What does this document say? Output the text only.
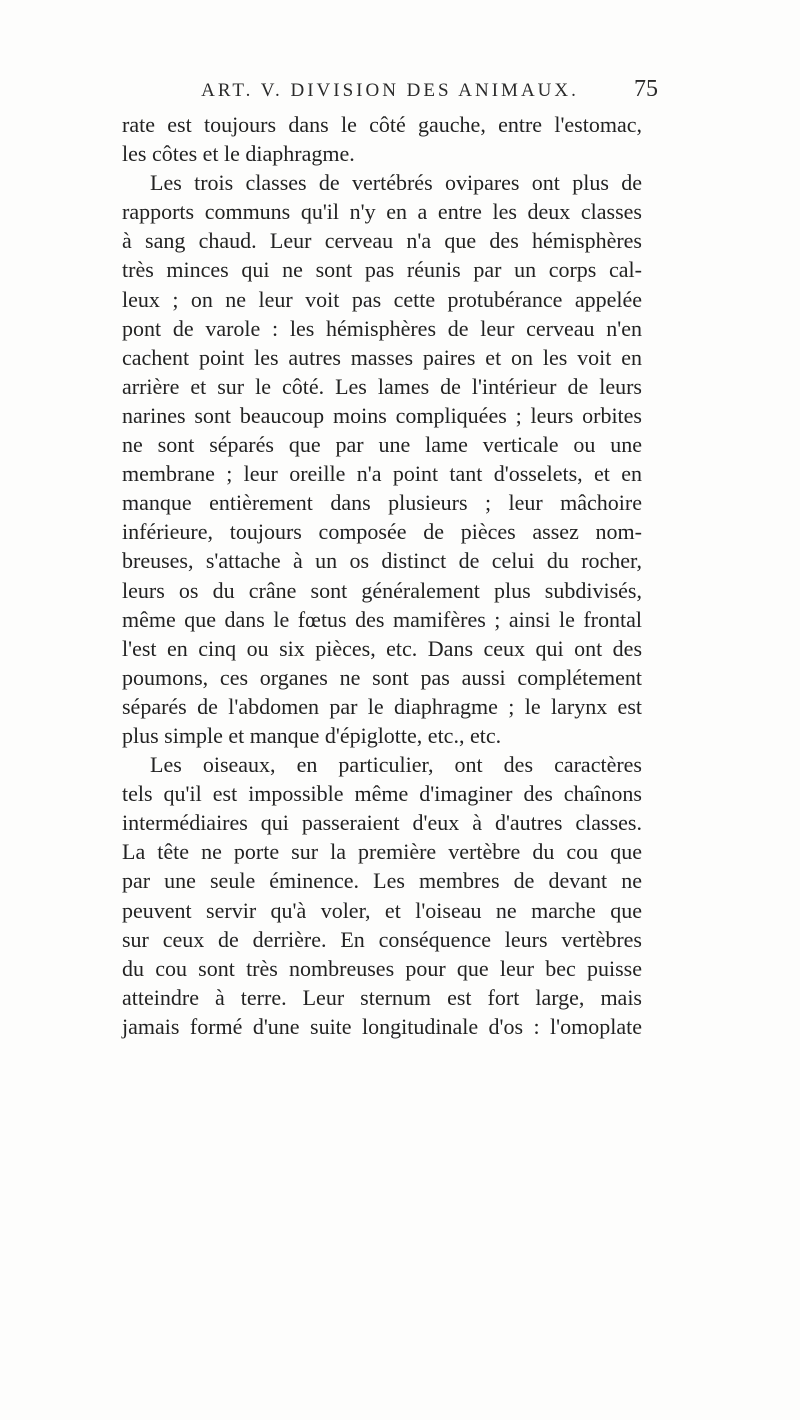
ART. V. DIVISION DES ANIMAUX.	75
rate est toujours dans le côté gauche, entre l'estomac,
les côtes et le diaphragme.
Les trois classes de vertébrés ovipares ont plus de
rapports communs qu'il n'y en a entre les deux classes
à sang chaud. Leur cerveau n'a que des hémisphères
très minces qui ne sont pas réunis par un corps cal-
leux ; on ne leur voit pas cette protubérance appelée
pont de varole : les hémisphères de leur cerveau n'en
cachent point les autres masses paires et on les voit en
arrière et sur le côté. Les lames de l'intérieur de leurs
narines sont beaucoup moins compliquées ; leurs orbites
ne sont séparés que par une lame verticale ou une
membrane ; leur oreille n'a point tant d'osselets, et en
manque entièrement dans plusieurs ; leur mâchoire
inférieure, toujours composée de pièces assez nom-
breuses, s'attache à un os distinct de celui du rocher,
leurs os du crâne sont généralement plus subdivisés,
même que dans le fœtus des mamifères ; ainsi le frontal
l'est en cinq ou six pièces, etc. Dans ceux qui ont des
poumons, ces organes ne sont pas aussi complétement
séparés de l'abdomen par le diaphragme ; le larynx est
plus simple et manque d'épiglotte, etc., etc.
Les oiseaux, en particulier, ont des caractères
tels qu'il est impossible même d'imaginer des chaînons
intermédiaires qui passeraient d'eux à d'autres classes.
La tête ne porte sur la première vertèbre du cou que
par une seule éminence. Les membres de devant ne
peuvent servir qu'à voler, et l'oiseau ne marche que
sur ceux de derrière. En conséquence leurs vertèbres
du cou sont très nombreuses pour que leur bec puisse
atteindre à terre. Leur sternum est fort large, mais
jamais formé d'une suite longitudinale d'os : l'omoplate
